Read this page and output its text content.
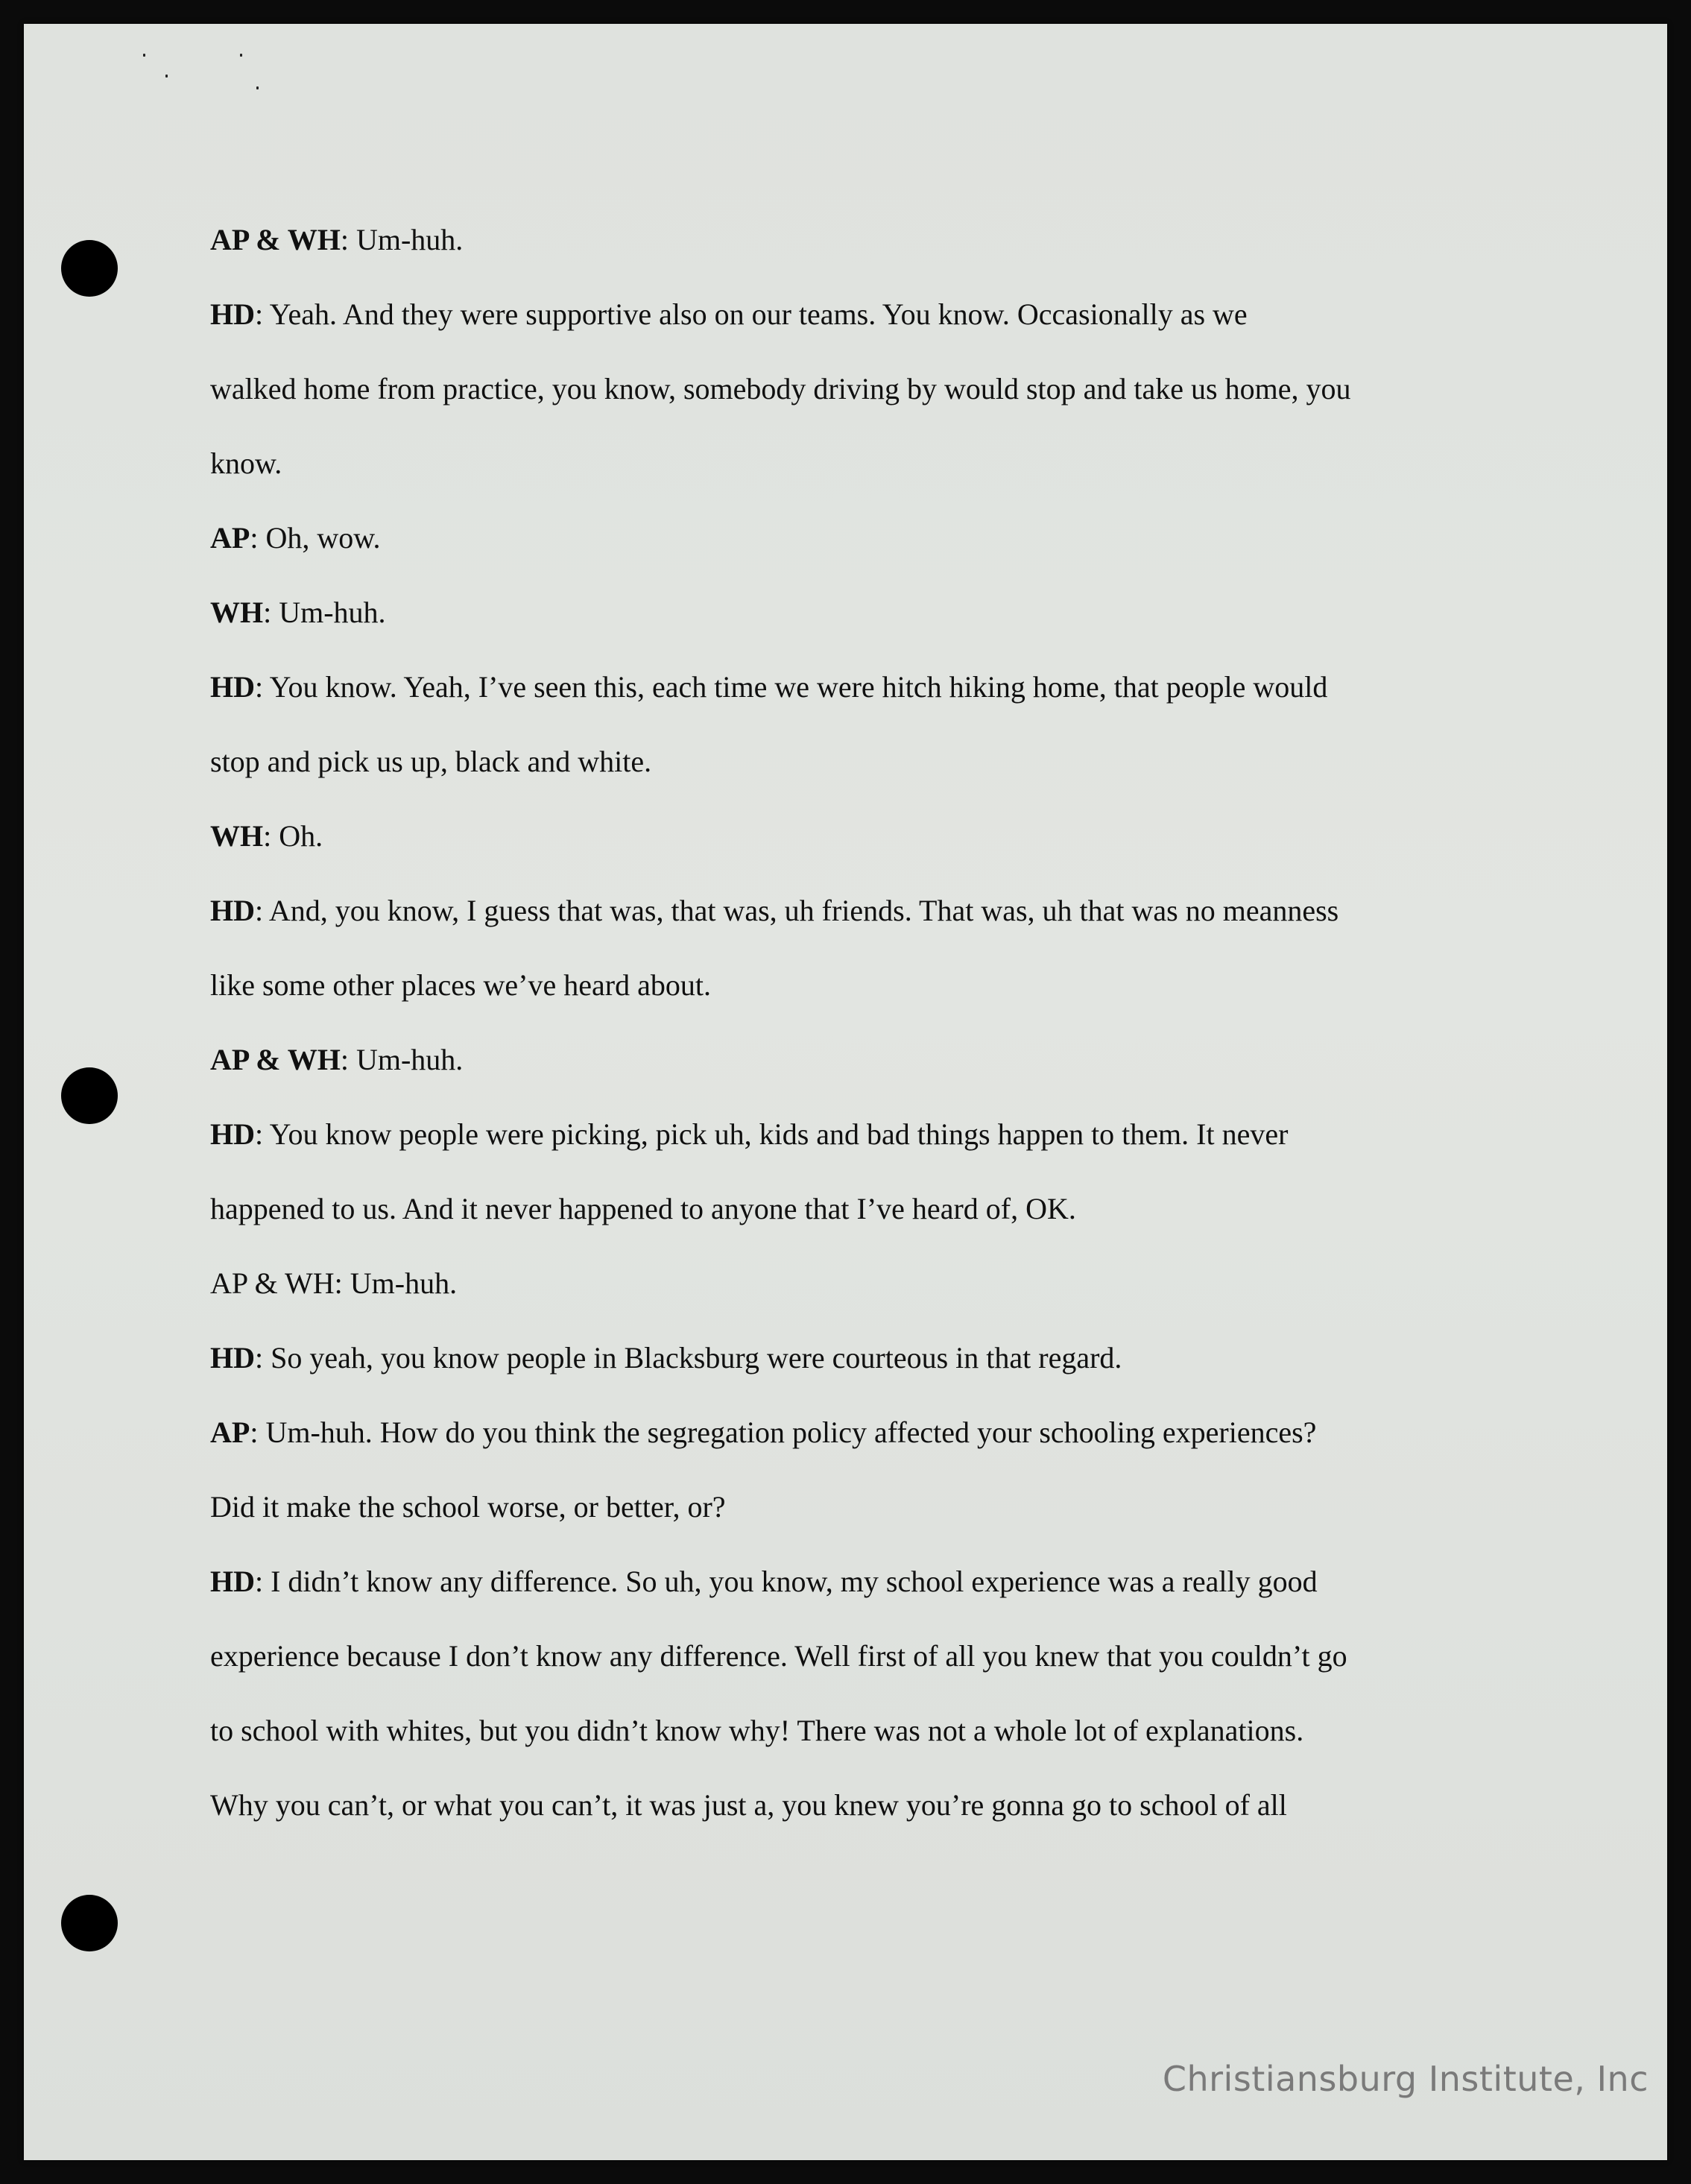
AP & WH: Um-huh.
HD: Yeah. And they were supportive also on our teams. You know. Occasionally as we
walked home from practice, you know, somebody driving by would stop and take us home, you
know.
AP: Oh, wow.
WH: Um-huh.
HD: You know. Yeah, I’ve seen this, each time we were hitch hiking home, that people would
stop and pick us up, black and white.
WH: Oh.
HD: And, you know, I guess that was, that was, uh friends. That was, uh that was no meanness
like some other places we’ve heard about.
AP & WH: Um-huh.
HD: You know people were picking, pick uh, kids and bad things happen to them. It never
happened to us. And it never happened to anyone that I’ve heard of, OK.
AP & WH: Um-huh.
HD: So yeah, you know people in Blacksburg were courteous in that regard.
AP: Um-huh. How do you think the segregation policy affected your schooling experiences?
Did it make the school worse, or better, or?
HD: I didn’t know any difference. So uh, you know, my school experience was a really good
experience because I don’t know any difference. Well first of all you knew that you couldn’t go
to school with whites, but you didn’t know why! There was not a whole lot of explanations.
Why you can’t, or what you can’t, it was just a, you knew you’re gonna go to school of all
Christiansburg Institute, Inc
